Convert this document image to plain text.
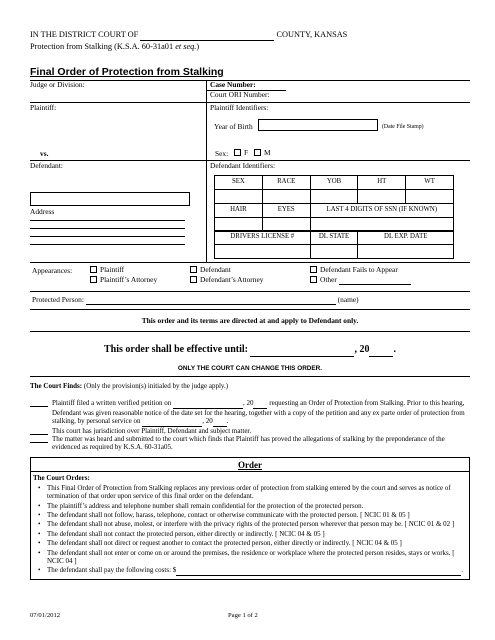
IN THE DISTRICT COURT OF	COUNTY, KANSAS
Protection from Stalking (K.S.A. 60-31a01 et seq.)
Final Order of Protection from Stalking
Judge or Division:	Case Number:
Court ORI Number:
Plaintiff:	Plaintiff Identifiers:
Year of Birth	(Date File Stamp)
vs.	Sex:	F	M
Defendant:	Defendant Identifiers:
SEX	RACE	YOB	HT	WT

HAIR	EYES	LAST 4 DIGITS OF SSN (IF KNOWN)

Address
DRIVERS LICENSE #	DL STATE	DL EXP. DATE

Appearances:	Plaintiff
Plaintiff’s Attorney
Defendant
Defendant’s Attorney
Defendant Fails to Appear
Other
Protected Person:	(name)
This order and its terms are directed at and apply to Defendant only.
This order shall be effective until:	, 20 .
ONLY THE COURT CAN CHANGE THIS ORDER.
The Court Finds: (Only the provision(s) initialed by the judge apply.)
Plaintiff filed a written verified petition on	, 20 requesting an Order of Protection from Stalking. Prior to this hearing, Defendant was given reasonable notice of the date set for the hearing, together with a copy of the petition and any ex parte order of protection from stalking, by personal service on	, 20 .
This court has jurisdiction over Plaintiff, Defendant and subject matter.
The matter was heard and submitted to the court which finds that Plaintiff has proved the allegations of stalking by the preponderance of the evidenced as required by K.S.A. 60-31a05.
Order
The Court Orders:
• This Final Order of Protection from Stalking replaces any previous order of protection from stalking entered by the court and serves as notice of termination of that order upon service of this final order on the defendant.
• The plaintiff’s address and telephone number shall remain confidential for the protection of the protected person.
• The defendant shall not follow, harass, telephone, contact or otherwise communicate with the protected person. [ NCIC 01 & 05 ]
• The defendant shall not abuse, molest, or interfere with the privacy rights of the protected person wherever that person may be. [ NCIC 01 & 02 ]
• The defendant shall not contact the protected person, either directly or indirectly. [ NCIC 04 & 05 ]
• The defendant shall not direct or request another to contact the protected person, either directly or indirectly. [ NCIC 04 & 05 ]
• The defendant shall not enter or come on or around the premises, the residence or workplace where the protected person resides, stays or works. [ NCIC 04 ]
• The defendant shall pay the following costs: $	.
07/01/2012	Page 1 of 2
